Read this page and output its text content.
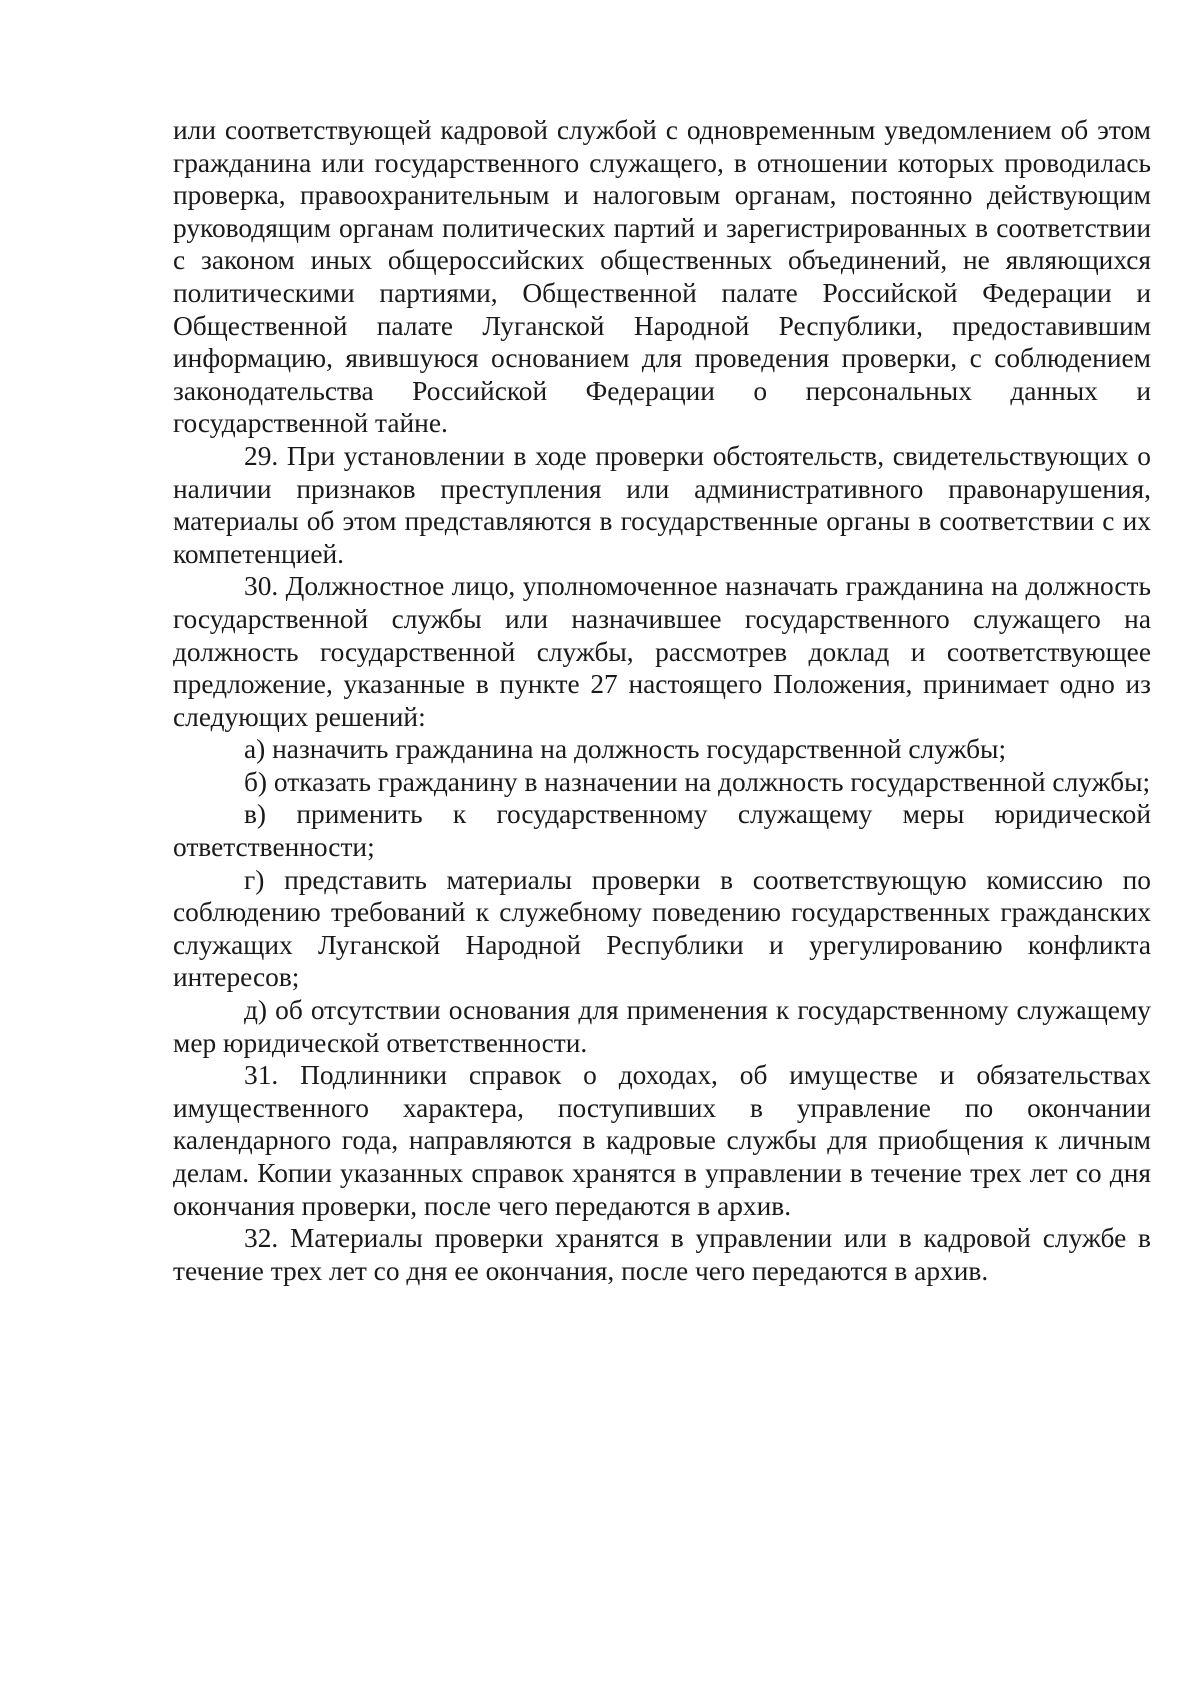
или соответствующей кадровой службой с одновременным уведомлением об этом гражданина или государственного служащего, в отношении которых проводилась проверка, правоохранительным и налоговым органам, постоянно действующим руководящим органам политических партий и зарегистрированных в соответствии с законом иных общероссийских общественных объединений, не являющихся политическими партиями, Общественной палате Российской Федерации и Общественной палате Луганской Народной Республики, предоставившим информацию, явившуюся основанием для проведения проверки, с соблюдением законодательства Российской Федерации о персональных данных и государственной тайне.

29. При установлении в ходе проверки обстоятельств, свидетельствующих о наличии признаков преступления или административного правонарушения, материалы об этом представляются в государственные органы в соответствии с их компетенцией.

30. Должностное лицо, уполномоченное назначать гражданина на должность государственной службы или назначившее государственного служащего на должность государственной службы, рассмотрев доклад и соответствующее предложение, указанные в пункте 27 настоящего Положения, принимает одно из следующих решений:

а) назначить гражданина на должность государственной службы;

б) отказать гражданину в назначении на должность государственной службы;

в) применить к государственному служащему меры юридической ответственности;

г) представить материалы проверки в соответствующую комиссию по соблюдению требований к служебному поведению государственных гражданских служащих Луганской Народной Республики и урегулированию конфликта интересов;

д) об отсутствии основания для применения к государственному служащему мер юридической ответственности.

31. Подлинники справок о доходах, об имуществе и обязательствах имущественного характера, поступивших в управление по окончании календарного года, направляются в кадровые службы для приобщения к личным делам. Копии указанных справок хранятся в управлении в течение трех лет со дня окончания проверки, после чего передаются в архив.

32. Материалы проверки хранятся в управлении или в кадровой службе в течение трех лет со дня ее окончания, после чего передаются в архив.
